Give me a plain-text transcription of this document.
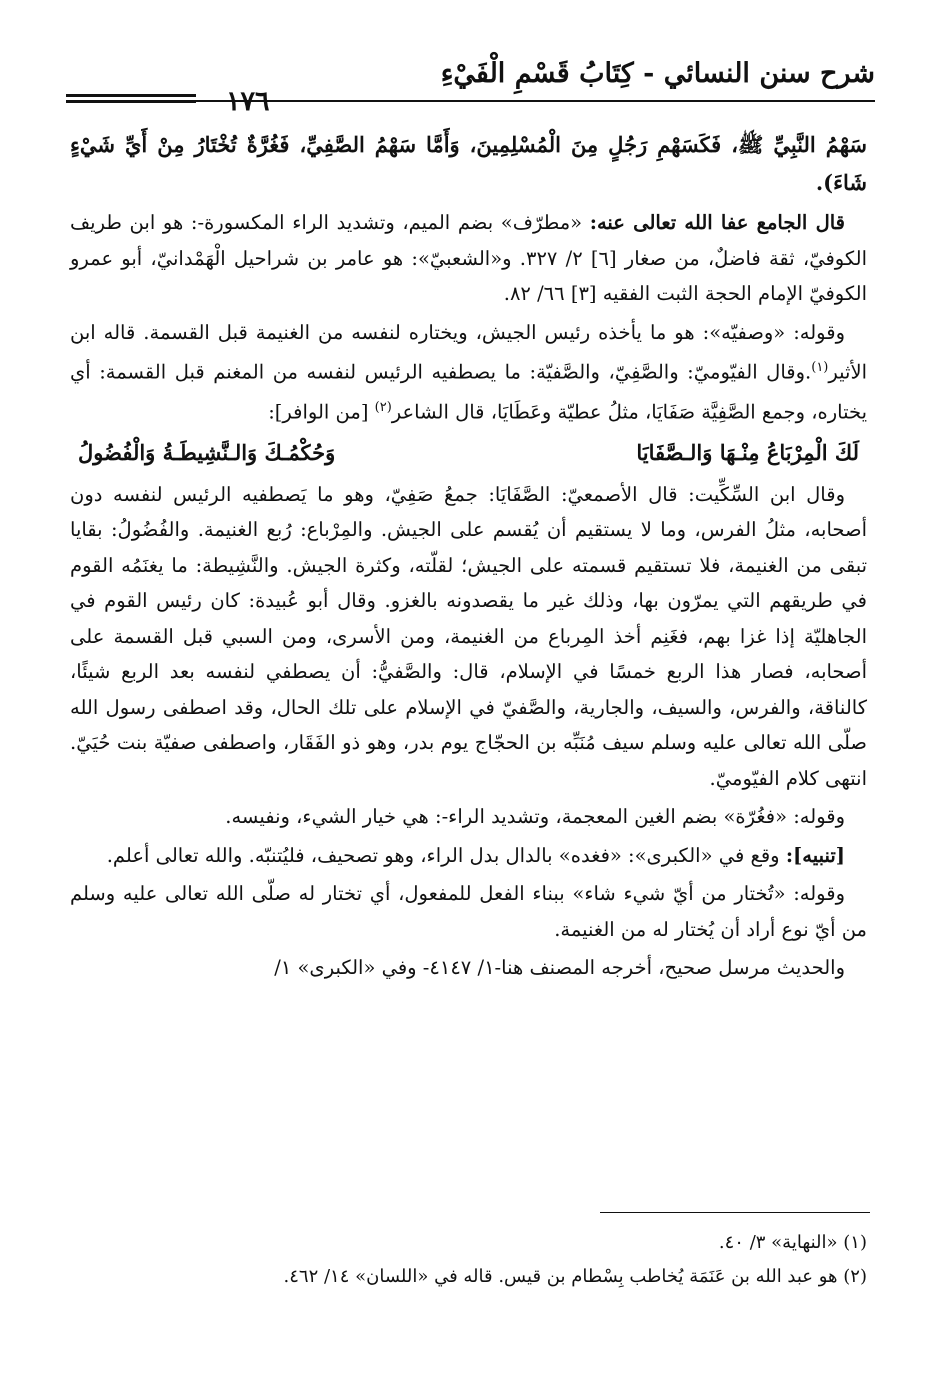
شرح سنن النسائي - كِتَابُ قَسْمِ الْفَيْءِ
١٧٦

سَهْمُ النَّبِيِّ ﷺ، فَكَسَهْمِ رَجُلٍ مِنَ الْمُسْلِمِينَ، وَأَمَّا سَهْمُ الصَّفِيِّ، فَغُرَّةٌ تُخْتَارُ مِنْ أَيِّ شَيْءٍ شَاءَ).

قال الجامع عفا الله تعالى عنه: «مطرّف» بضم الميم، وتشديد الراء المكسورة-: هو ابن طريف الكوفيّ، ثقة فاضلٌ، من صغار [٦] ٢/ ٣٢٧. و«الشعبيّ»: هو عامر بن شراحيل الْهَمْدانيّ، أبو عمرو الكوفيّ الإمام الحجة الثبت الفقيه [٣] ٦٦/ ٨٢.

وقوله: «وصفيّه»: هو ما يأخذه رئيس الجيش، ويختاره لنفسه من الغنيمة قبل القسمة. قاله ابن الأثير$^{(١)}$.وقال الفيّوميّ: والصَّفِيّ، والصَّفيّة: ما يصطفيه الرئيس لنفسه من المغنم قبل القسمة: أي يختاره، وجمع الصَّفِيَّة صَفَايَا، مثلُ عطيّة وعَطَايَا، قال الشاعر$^{(٢)}$ [من الوافر]:

لَكَ الْمِرْبَاعُ مِنْـهَا وَالـصَّفَايَا
وَحُكْمُـكَ وَالـنَّشِيطَـةُ وَالْفُضُولُ

وقال ابن السِّكِّيت: قال الأصمعيّ: الصَّفَايَا: جمعُ صَفِيّ، وهو ما يَصطفيه الرئيس لنفسه دون أصحابه، مثلُ الفرس، وما لا يستقيم أن يُقسم على الجيش. والمِرْباع: رُبع الغنيمة. والفُضُولُ: بقايا تبقى من الغنيمة، فلا تستقيم قسمته على الجيش؛ لقلّته، وكثرة الجيش. والنَّشِيطة: ما يغنَمُه القوم في طريقهم التي يمرّون بها، وذلك غير ما يقصدونه بالغزو. وقال أبو عُبيدة: كان رئيس القوم في الجاهليّة إذا غزا بهم، فغَنِم أخذ المِرباع من الغنيمة، ومن الأسرى، ومن السبي قبل القسمة على أصحابه، فصار هذا الربع خمسًا في الإسلام، قال: والصَّفيُّ: أن يصطفي لنفسه بعد الربع شيئًا، كالناقة، والفرس، والسيف، والجارية، والصَّفيّ في الإسلام على تلك الحال، وقد اصطفى رسول الله صلّى الله تعالى عليه وسلم سيف مُنَبِّه بن الحجّاج يوم بدر، وهو ذو الفَقَار، واصطفى صفيّة بنت حُيَيّ. انتهى كلام الفيّوميّ.

وقوله: «فغُرّة» بضم الغين المعجمة، وتشديد الراء-: هي خيار الشيء، ونفيسه.

[تنبيه]: وقع في «الكبرى»: «فغده» بالدال بدل الراء، وهو تصحيف، فليُتنبّه. والله تعالى أعلم.

وقوله: «تُختار من أيّ شيء شاء» ببناء الفعل للمفعول، أي تختار له صلّى الله تعالى عليه وسلم من أيّ نوع أراد أن يُختار له من الغنيمة.

والحديث مرسل صحيح، أخرجه المصنف هنا-١/ ٤١٤٧- وفي «الكبرى» ١/

(١) «النهاية» ٣/ ٤٠.

(٢) هو عبد الله بن عَنَمَة يُخاطب بِسْطام بن قيس. قاله في «اللسان» ١٤/ ٤٦٢.
